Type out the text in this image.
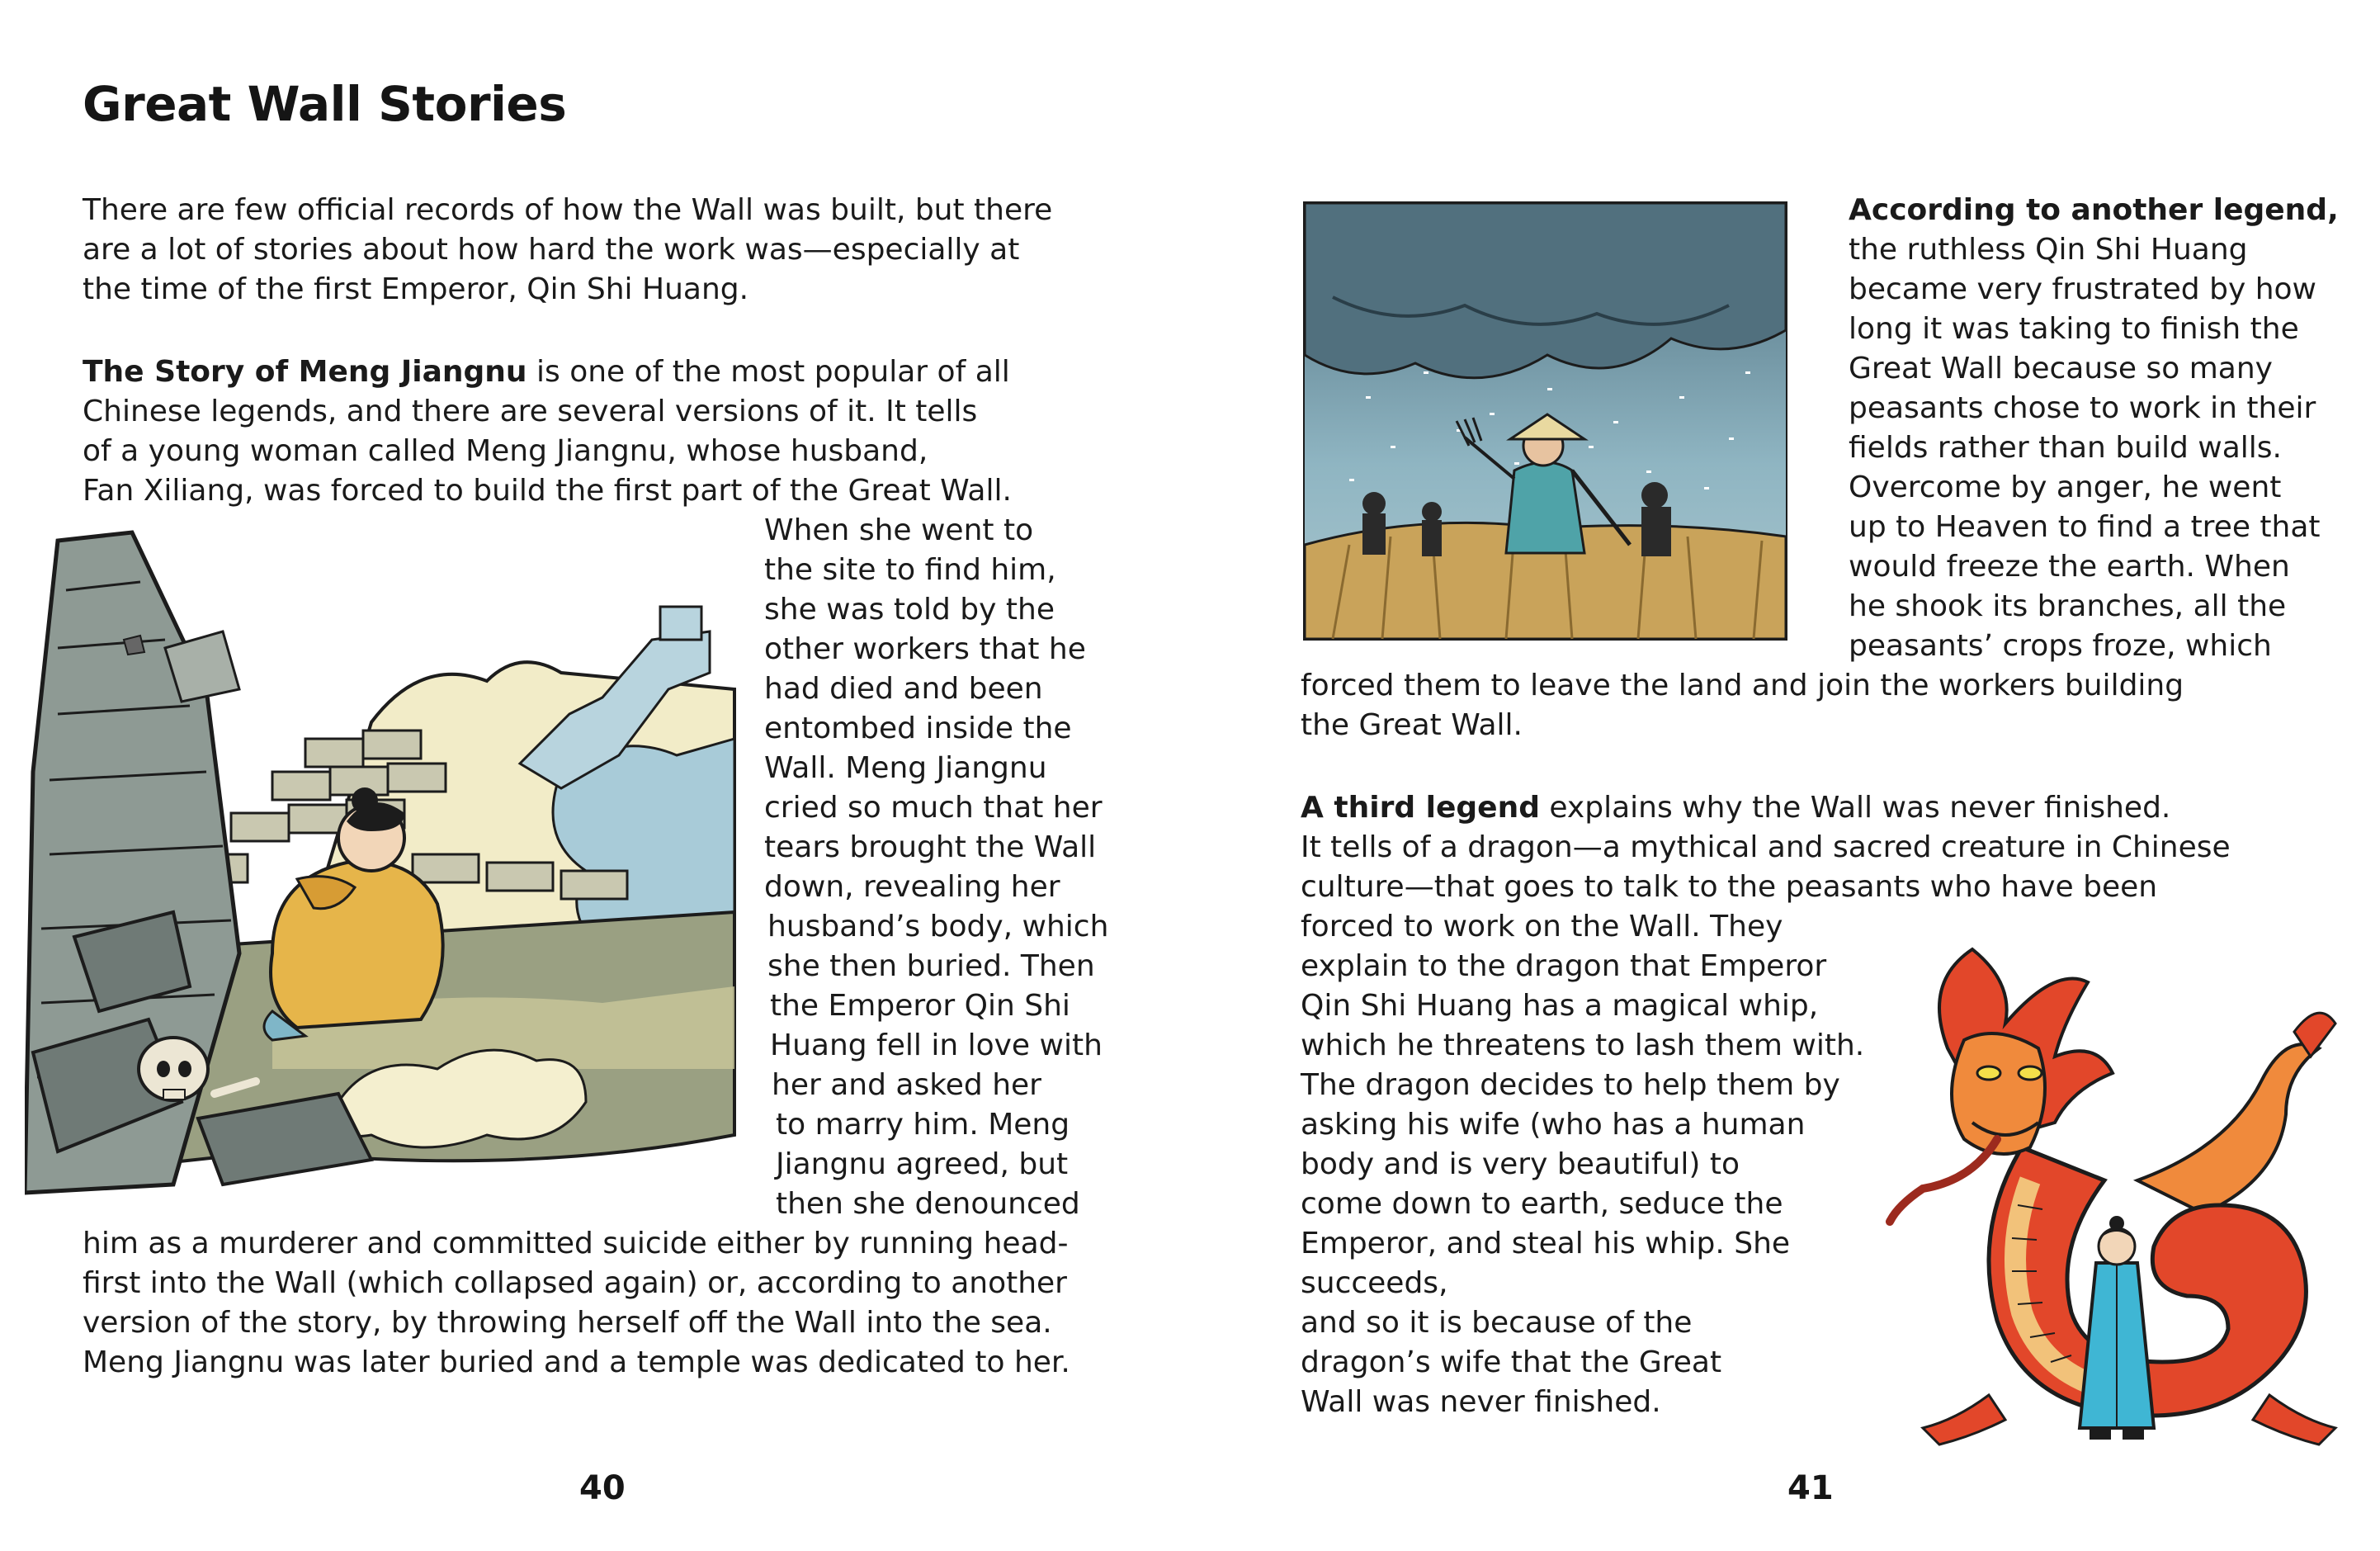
Great Wall Stories
There are few official records of how the Wall was built, but there
are a lot of stories about how hard the work was—especially at
the time of the first Emperor, Qin Shi Huang.
The Story of Meng Jiangnu is one of the most popular of all
Chinese legends, and there are several versions of it. It tells
of a young woman called Meng Jiangnu, whose husband,
Fan Xiliang, was forced to build the first part of the Great Wall.
When she went to
the site to find him,
she was told by the
other workers that he
had died and been
entombed inside the
Wall. Meng Jiangnu
cried so much that her
tears brought the Wall
down, revealing her
husband’s body, which
she then buried. Then
the Emperor Qin Shi
Huang fell in love with
her and asked her
to marry him. Meng
Jiangnu agreed, but
then she denounced
him as a murderer and committed suicide either by running head-
first into the Wall (which collapsed again) or, according to another
version of the story, by throwing herself off the Wall into the sea.
Meng Jiangnu was later buried and a temple was dedicated to her.
40
According to another legend,
the ruthless Qin Shi Huang
became very frustrated by how
long it was taking to finish the
Great Wall because so many
peasants chose to work in their
fields rather than build walls.
Overcome by anger, he went
up to Heaven to find a tree that
would freeze the earth. When
he shook its branches, all the
peasants’ crops froze, which
forced them to leave the land and join the workers building
the Great Wall.
A third legend explains why the Wall was never finished.
It tells of a dragon—a mythical and sacred creature in Chinese
culture—that goes to talk to the peasants who have been
forced to work on the Wall. They
explain to the dragon that Emperor
Qin Shi Huang has a magical whip,
which he threatens to lash them with.
The dragon decides to help them by
asking his wife (who has a human
body and is very beautiful) to
come down to earth, seduce the
Emperor, and steal his whip. She
succeeds,
and so it is because of the
dragon’s wife that the Great
Wall was never finished.
41
